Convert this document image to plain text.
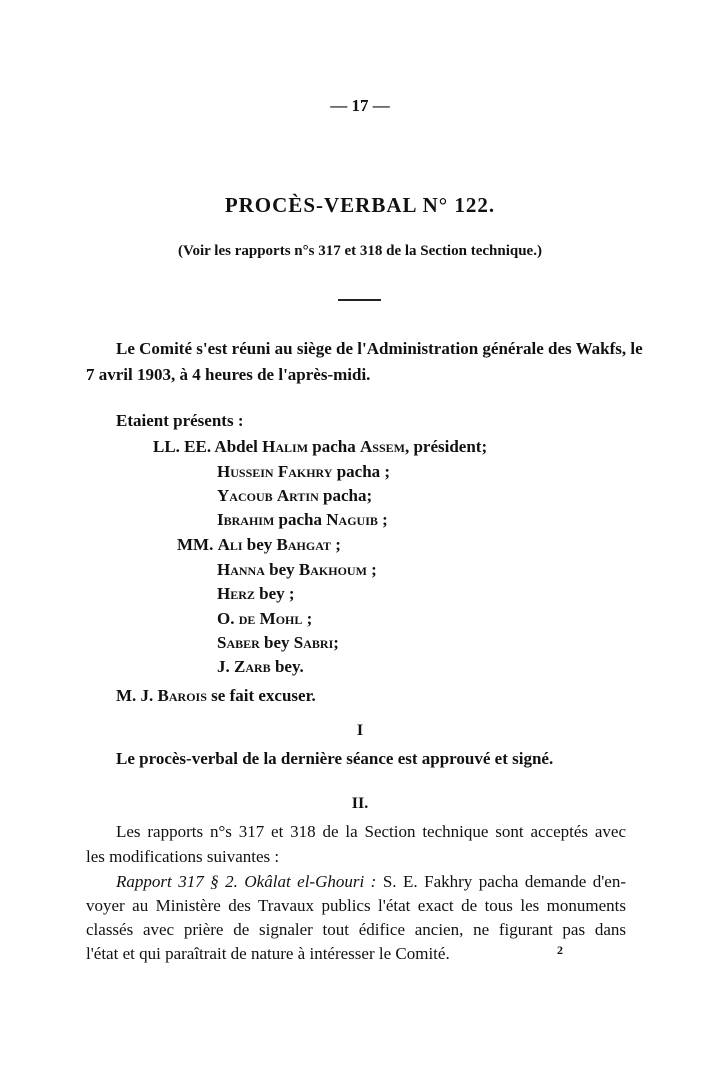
— 17 —
PROCÈS-VERBAL N° 122.
(Voir les rapports n°s 317 et 318 de la Section technique.)
Le Comité s'est réuni au siège de l'Administration générale des Wakfs, le
7 avril 1903, à 4 heures de l'après-midi.
Etaient présents :
LL. EE. Abdel Halim pacha Assem, président;
Hussein Fakhry pacha ;
Yacoub Artin pacha;
Ibrahim pacha Naguib ;
MM. Ali bey Bahgat ;
Hanna bey Bakhoum ;
Herz bey ;
O. de Mohl ;
Saber bey Sabri;
J. Zarb bey.
M. J. Barois se fait excuser.
I
Le procès-verbal de la dernière séance est approuvé et signé.
II.
Les rapports n°s 317 et 318 de la Section technique sont acceptés avec
les modifications suivantes :
Rapport 317 § 2. Okâlat el-Ghouri : S. E. Fakhry pacha demande d'en-
voyer au Ministère des Travaux publics l'état exact de tous les monuments
classés avec prière de signaler tout édifice ancien, ne figurant pas dans
l'état et qui paraîtrait de nature à intéresser le Comité.	2
